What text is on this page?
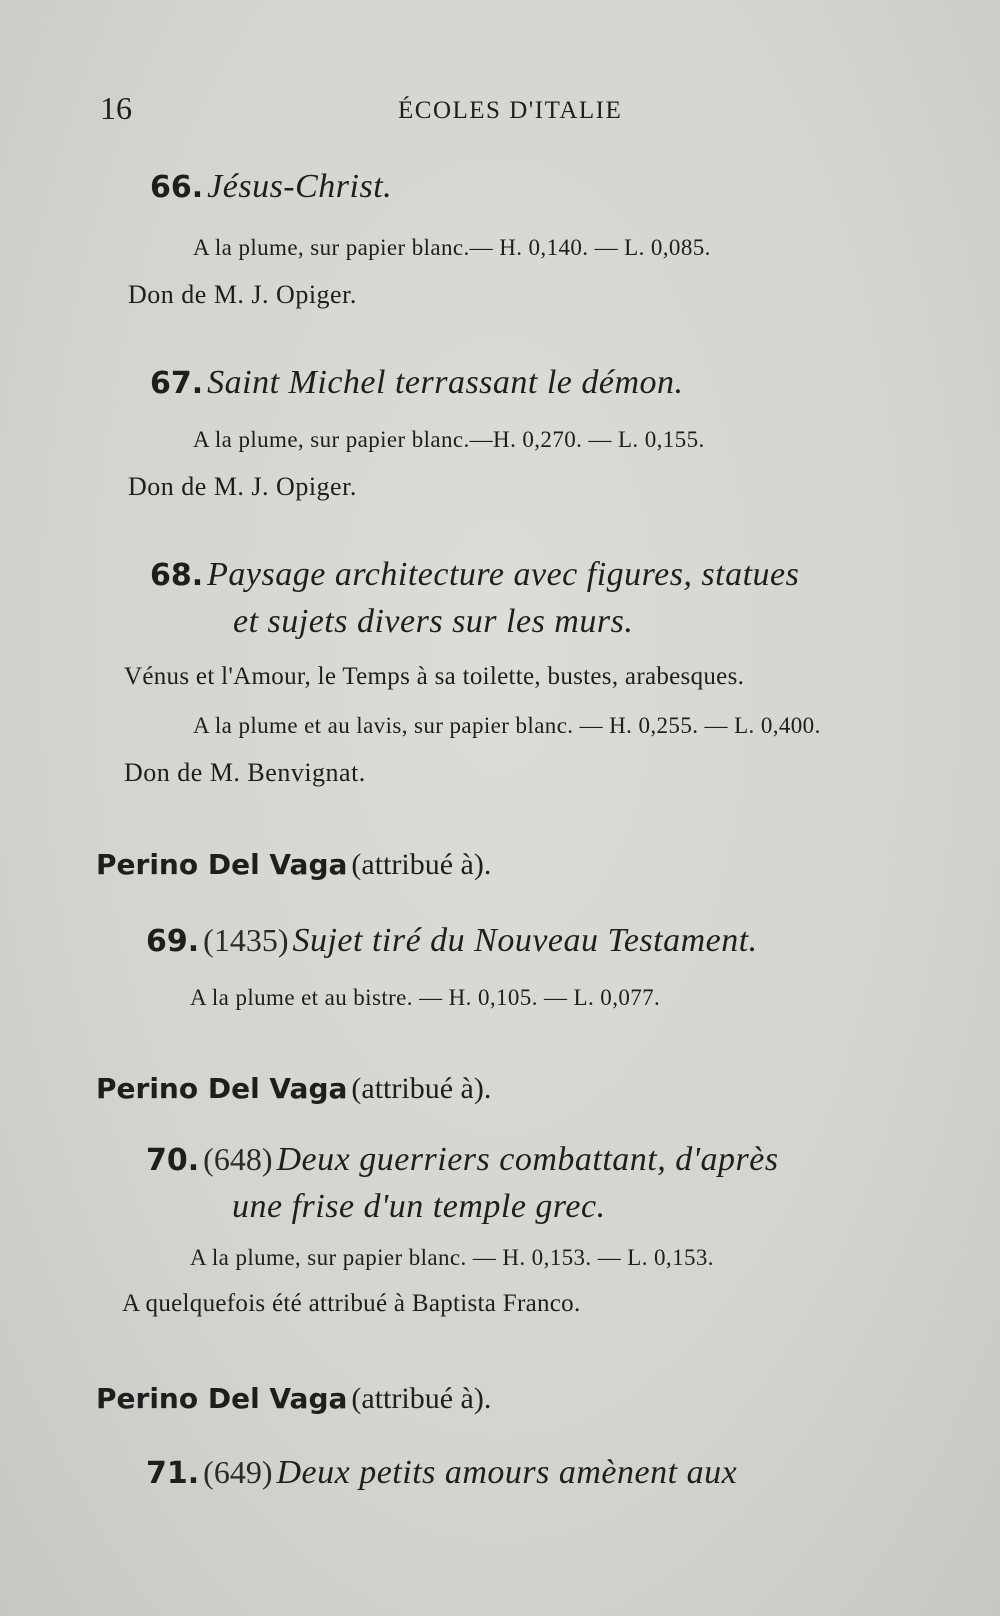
16	ÉCOLES D'ITALIE
66. Jésus-Christ.
A la plume, sur papier blanc.— H. 0,140. — L. 0,085.
Don de M. J. Opiger.
67. Saint Michel terrassant le démon.
A la plume, sur papier blanc.—H. 0,270. — L. 0,155.
Don de M. J. Opiger.
68. Paysage architecture avec figures, statues
et sujets divers sur les murs.
Vénus et l'Amour, le Temps à sa toilette, bustes, arabesques.
A la plume et au lavis, sur papier blanc. — H. 0,255. — L. 0,400.
Don de M. Benvignat.
Perino Del Vaga (attribué à).
69. (1435) Sujet tiré du Nouveau Testament.
A la plume et au bistre. — H. 0,105. — L. 0,077.
Perino Del Vaga (attribué à).
70. (648) Deux guerriers combattant, d'après
une frise d'un temple grec.
A la plume, sur papier blanc. — H. 0,153. — L. 0,153.
A quelquefois été attribué à Baptista Franco.
Perino Del Vaga (attribué à).
71. (649) Deux petits amours amènent aux
